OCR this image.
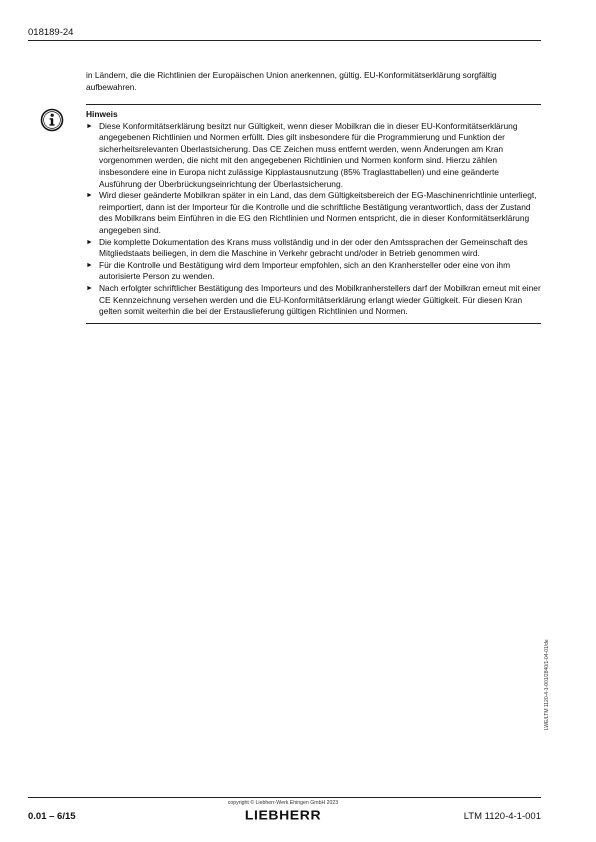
018189-24

in Ländern, die die Richtlinien der Europäischen Union anerkennen, gültig. EU-Konformitätserklärung sorgfältig aufbewahren.

Hinweis
► Diese Konformitätserklärung besitzt nur Gültigkeit, wenn dieser Mobilkran die in dieser EU-Konformitätserklärung angegebenen Richtlinien und Normen erfüllt. Dies gilt insbesondere für die Programmierung und Funktion der sicherheitsrelevanten Überlastsicherung. Das CE Zeichen muss entfernt werden, wenn Änderungen am Kran vorgenommen werden, die nicht mit den angegebenen Richtlinien und Normen konform sind. Hierzu zählen insbesondere eine in Europa nicht zulässige Kipplastausnutzung (85% Traglasttabellen) und eine geänderte Ausführung der Überbrückungseinrichtung der Überlastsicherung.
► Wird dieser geänderte Mobilkran später in ein Land, das dem Gültigkeitsbereich der EG-Maschinenrichtlinie unterliegt, reimportiert, dann ist der Importeur für die Kontrolle und die schriftliche Bestätigung verantwortlich, dass der Zustand des Mobilkrans beim Einführen in die EG den Richtlinien und Normen entspricht, die in dieser Konformitätserklärung angegeben sind.
► Die komplette Dokumentation des Krans muss vollständig und in der oder den Amtssprachen der Gemeinschaft des Mitgliedstaats beiliegen, in dem die Maschine in Verkehr gebracht und/oder in Betrieb genommen wird.
► Für die Kontrolle und Bestätigung wird dem Importeur empfohlen, sich an den Kranhersteller oder eine von ihm autorisierte Person zu wenden.
► Nach erfolgter schriftlicher Bestätigung des Importeurs und des Mobilkranherstellers darf der Mobilkran erneut mit einer CE Kennzeichnung versehen werden und die EU-Konformitätserklärung erlangt wieder Gültigkeit. Für diesen Kran gelten somit weiterhin die bei der Erstauslieferung gültigen Richtlinien und Normen.
LWE/LTM 1120-4-1-001/2840/1-04-01/de
0.01 – 6/15
copyright © Liebherr-Werk Ehingen GmbH 2023
LIEBHERR	LTM 1120-4-1-001
